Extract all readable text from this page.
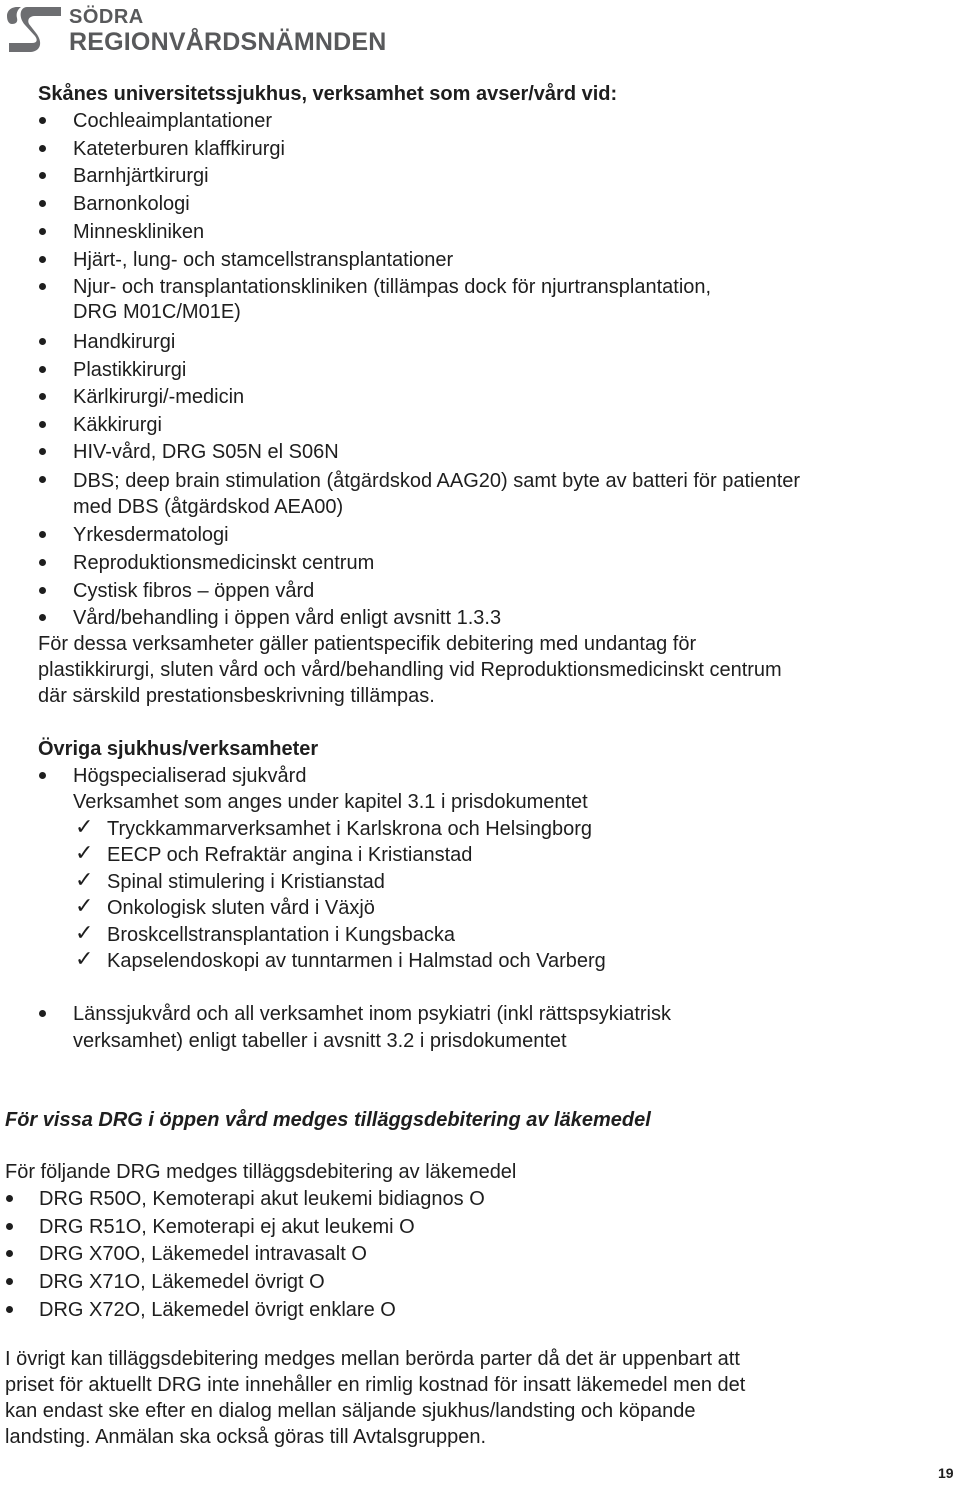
SÖDRA
REGIONVÅRDSNÄMNDEN
Skånes universitetssjukhus, verksamhet som avser/vård vid:
Cochleaimplantationer
Kateterburen klaffkirurgi
Barnhjärtkirurgi
Barnonkologi
Minneskliniken
Hjärt-, lung- och stamcellstransplantationer
Njur- och transplantationskliniken (tillämpas dock för njurtransplantation,
DRG M01C/M01E)
Handkirurgi
Plastikkirurgi
Kärlkirurgi/-medicin
Käkkirurgi
HIV-vård, DRG S05N el S06N
DBS; deep brain stimulation (åtgärdskod AAG20) samt byte av batteri för patienter
med DBS (åtgärdskod AEA00)
Yrkesdermatologi
Reproduktionsmedicinskt centrum
Cystisk fibros – öppen vård
Vård/behandling i öppen vård enligt avsnitt 1.3.3
För dessa verksamheter gäller patientspecifik debitering med undantag för
plastikkirurgi, sluten vård och vård/behandling vid Reproduktionsmedicinskt centrum
där särskild prestationsbeskrivning tillämpas.
Övriga sjukhus/verksamheter
Högspecialiserad sjukvård
Verksamhet som anges under kapitel 3.1 i prisdokumentet
✓ Tryckkammarverksamhet i Karlskrona och Helsingborg
✓ EECP och Refraktär angina i Kristianstad
✓ Spinal stimulering i Kristianstad
✓ Onkologisk sluten vård i Växjö
✓ Broskcellstransplantation i Kungsbacka
✓ Kapselendoskopi av tunntarmen i Halmstad och Varberg
Länssjukvård och all verksamhet inom psykiatri (inkl rättspsykiatrisk
verksamhet) enligt tabeller i avsnitt 3.2 i prisdokumentet
För vissa DRG i öppen vård medges tilläggsdebitering av läkemedel
För följande DRG medges tilläggsdebitering av läkemedel
DRG R50O, Kemoterapi akut leukemi bidiagnos O
DRG R51O, Kemoterapi ej akut leukemi O
DRG X70O, Läkemedel intravasalt O
DRG X71O, Läkemedel övrigt O
DRG X72O, Läkemedel övrigt enklare O
I övrigt kan tilläggsdebitering medges mellan berörda parter då det är uppenbart att
priset för aktuellt DRG inte innehåller en rimlig kostnad för insatt läkemedel men det
kan endast ske efter en dialog mellan säljande sjukhus/landsting och köpande
landsting. Anmälan ska också göras till Avtalsgruppen.
19
